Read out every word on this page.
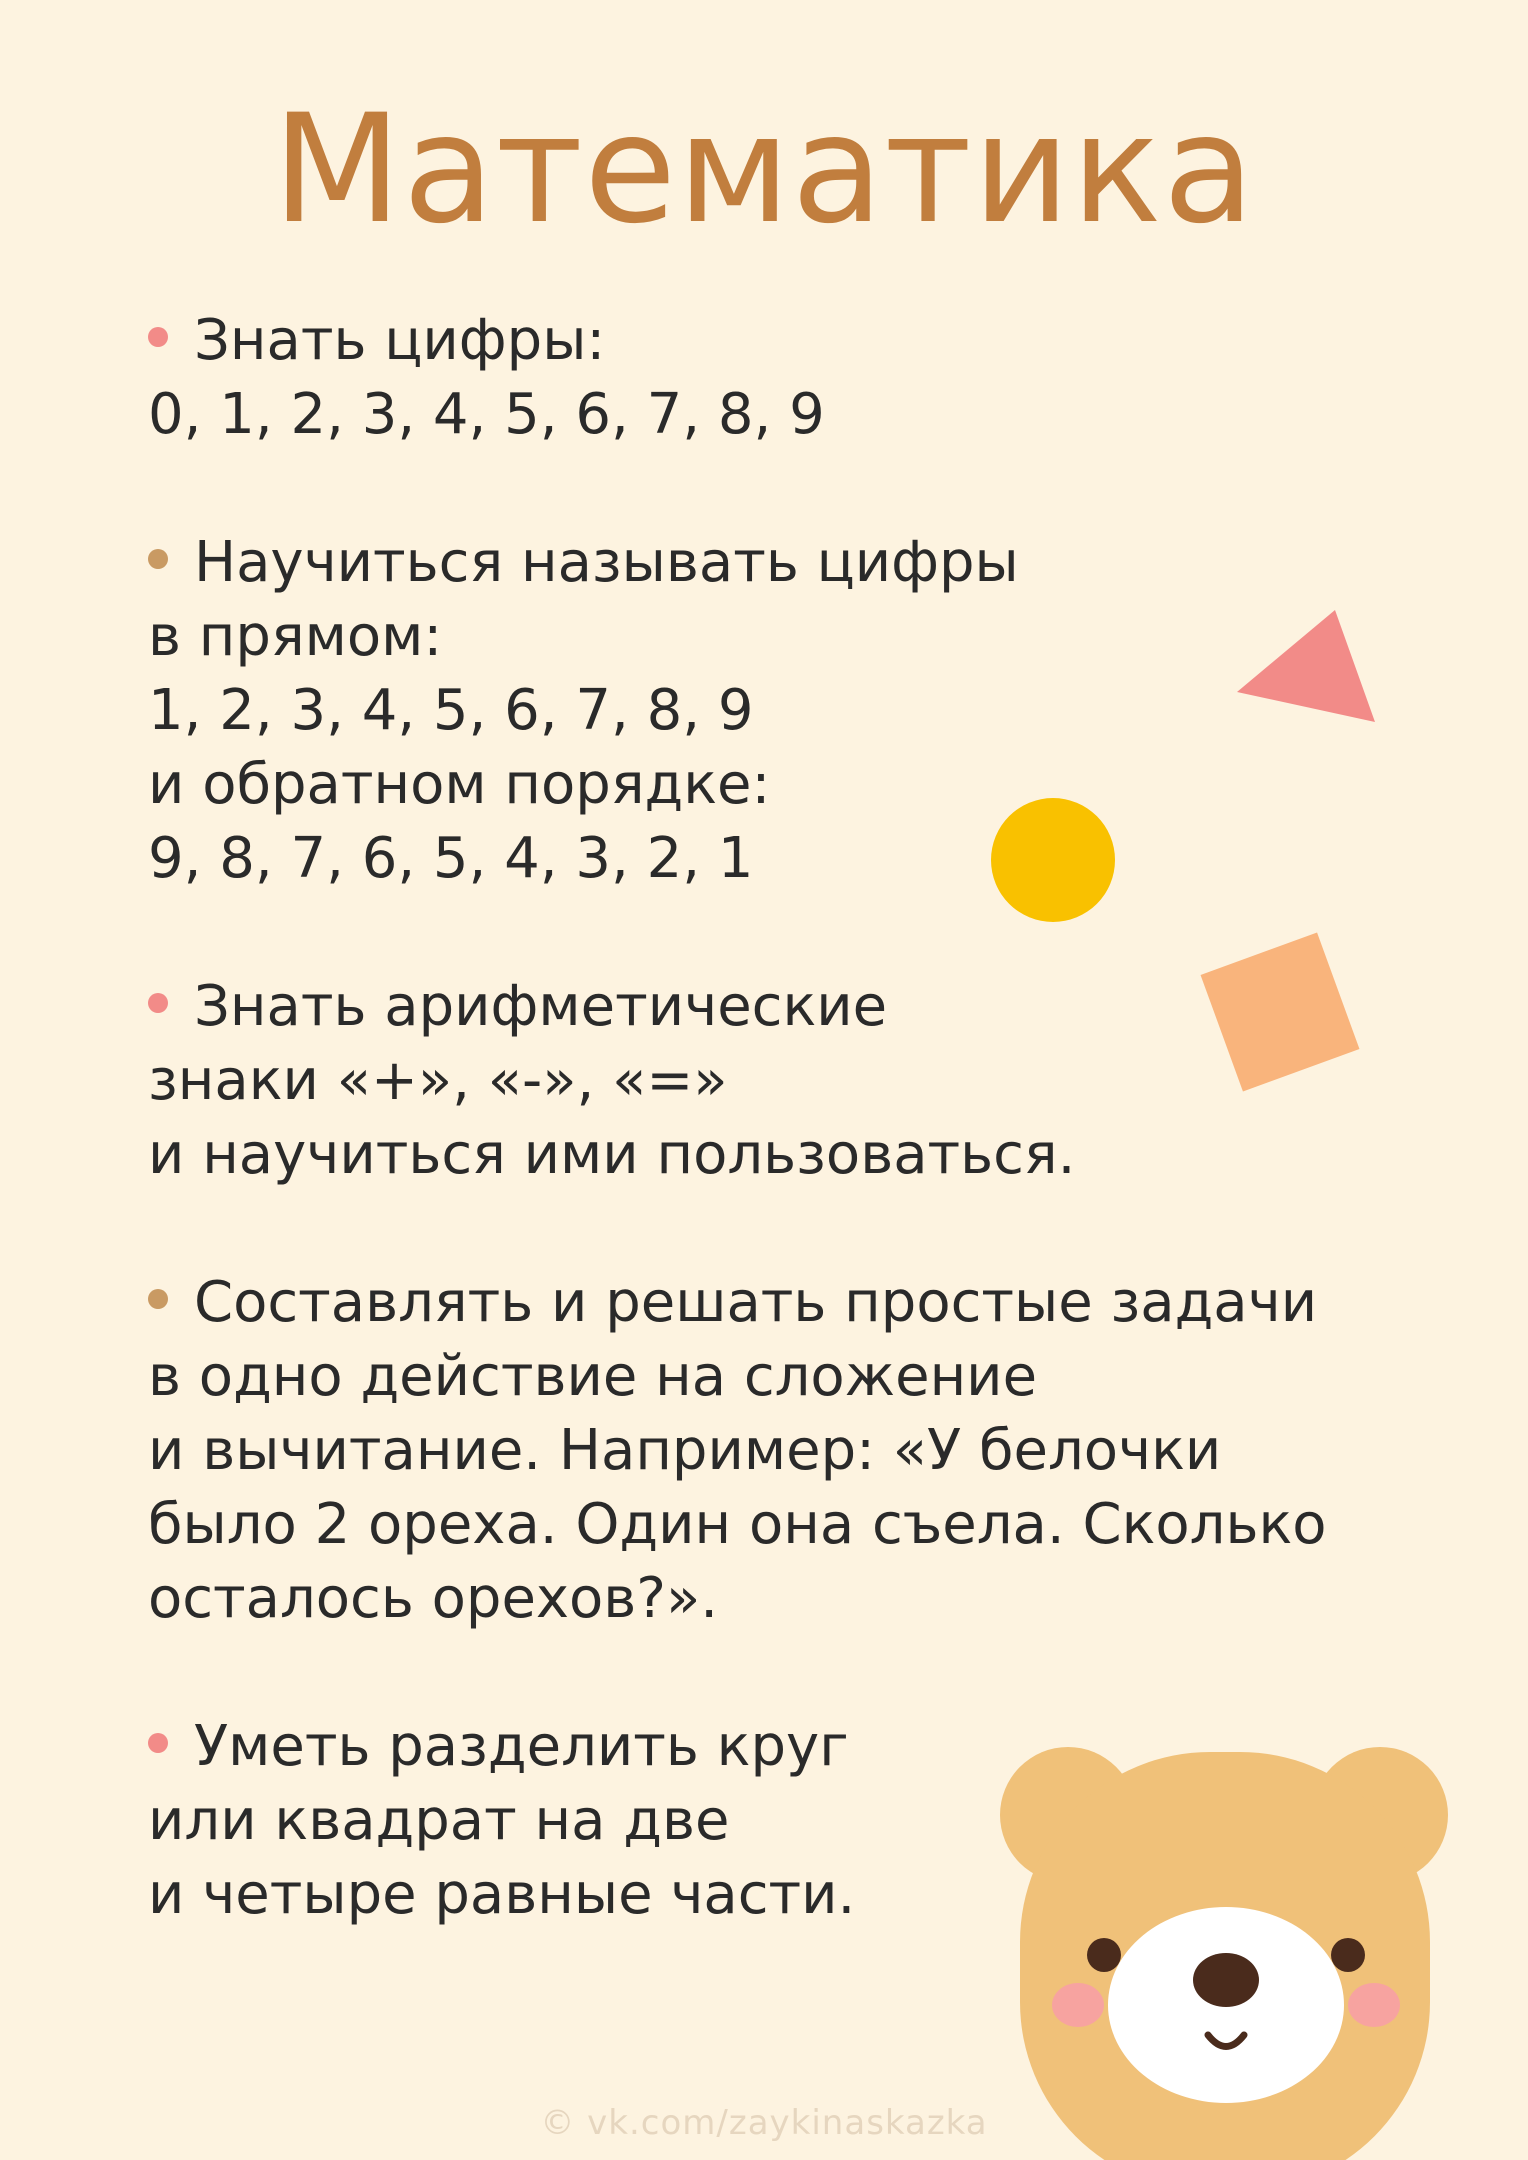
Математика
Знать цифры:
0, 1, 2, 3, 4, 5, 6, 7, 8, 9
Научиться называть цифры
в прямом:
1, 2, 3, 4, 5, 6, 7, 8, 9
и обратном порядке:
9, 8, 7, 6, 5, 4, 3, 2, 1
Знать арифметические
знаки «+», «-», «=»
и научиться ими пользоваться.
Составлять и решать простые задачи
в одно действие на сложение
и вычитание. Например: «У белочки
было 2 ореха. Один она съела. Сколько
осталось орехов?».
Уметь разделить круг
или квадрат на две
и четыре равные части.
© vk.com/zaykinaskazka
